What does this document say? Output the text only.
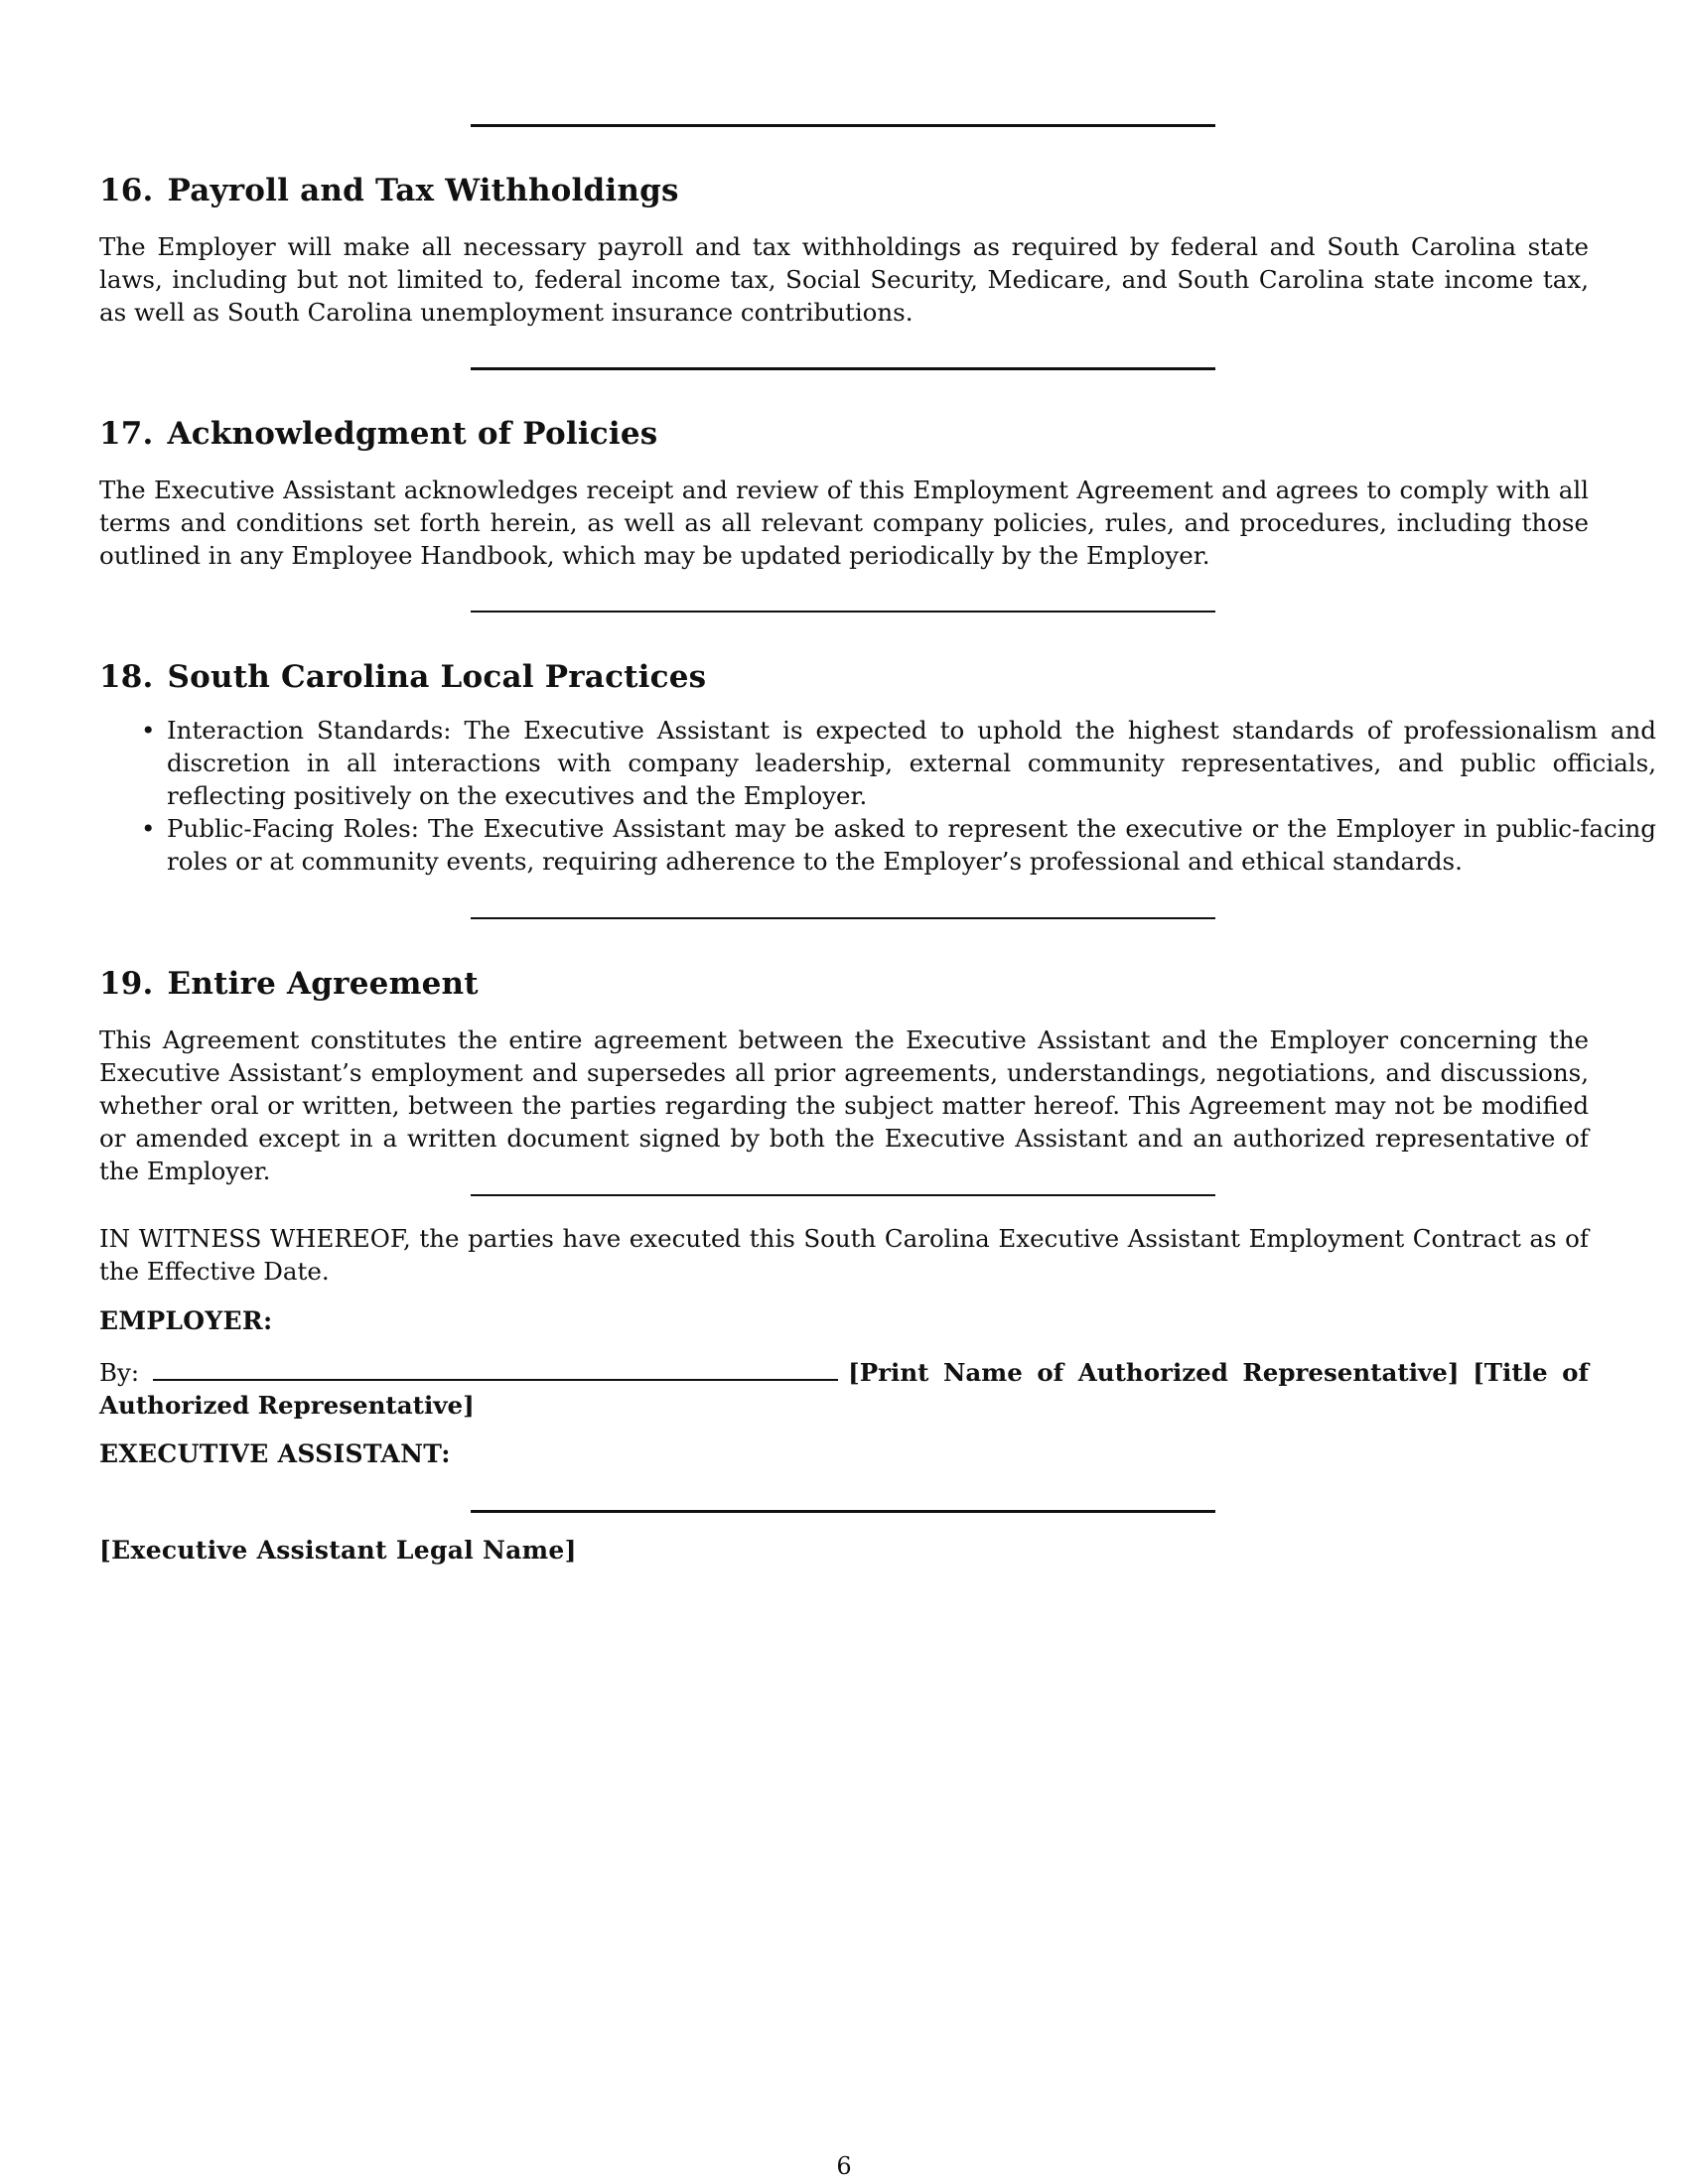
16. Payroll and Tax Withholdings

The Employer will make all necessary payroll and tax withholdings as required by federal and South Carolina state laws, including but not limited to, federal income tax, Social Security, Medicare, and South Carolina state income tax, as well as South Carolina unemployment insurance contributions.

17. Acknowledgment of Policies

The Executive Assistant acknowledges receipt and review of this Employment Agreement and agrees to comply with all terms and conditions set forth herein, as well as all relevant company policies, rules, and procedures, including those outlined in any Employee Handbook, which may be updated periodically by the Employer.

18. South Carolina Local Practices
• Interaction Standards: The Executive Assistant is expected to uphold the highest standards of professionalism and discretion in all interactions with company leadership, external community representatives, and public officials, reflecting positively on the executives and the Employer.
• Public-Facing Roles: The Executive Assistant may be asked to represent the executive or the Employer in public-facing roles or at community events, requiring adherence to the Employer’s professional and ethical standards.
19. Entire Agreement

This Agreement constitutes the entire agreement between the Executive Assistant and the Employer concerning the Executive Assistant’s employment and supersedes all prior agreements, understandings, negotiations, and discussions, whether oral or written, between the parties regarding the subject matter hereof. This Agreement may not be modified or amended except in a written document signed by both the Executive Assistant and an authorized representative of the Employer.

IN WITNESS WHEREOF, the parties have executed this South Carolina Executive Assistant Employment Contract as of the Effective Date.

EMPLOYER:
By:	[Print Name of Authorized Representative] [Title of Authorized Representative]
EXECUTIVE ASSISTANT:
[Executive Assistant Legal Name]
6
